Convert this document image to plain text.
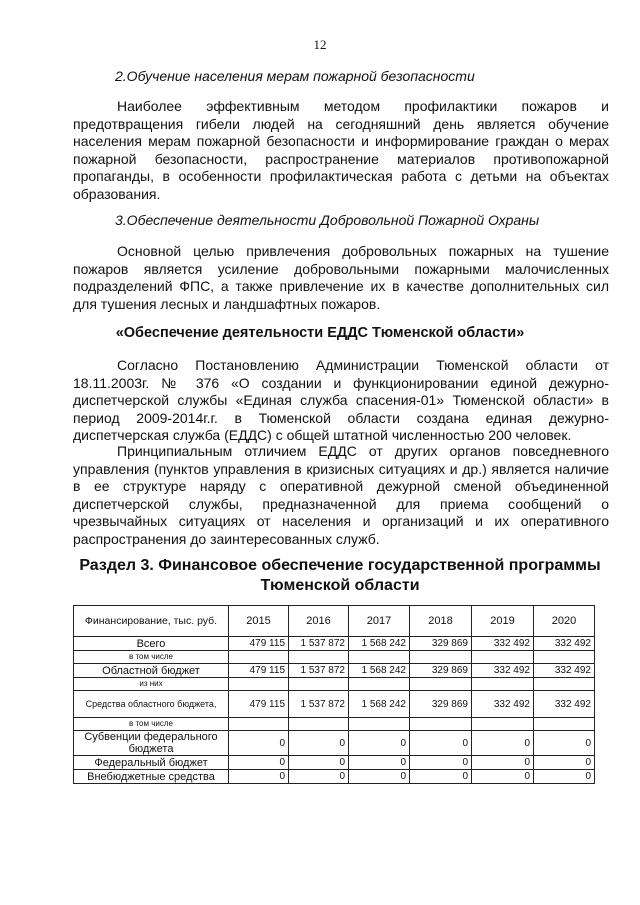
12
2.Обучение населения мерам пожарной безопасности

Наиболее эффективным методом профилактики пожаров и предотвращения гибели людей на сегодняшний день является обучение населения мерам пожарной безопасности и информирование граждан о мерах пожарной безопасности, распространение материалов противопожарной пропаганды, в особенности профилактическая работа с детьми на объектах образования.

3.Обеспечение деятельности Добровольной Пожарной Охраны

Основной целью привлечения добровольных пожарных на тушение пожаров является усиление добровольными пожарными малочисленных подразделений ФПС, а также привлечение их в качестве дополнительных сил для тушения лесных и ландшафтных пожаров.

«Обеспечение деятельности ЕДДС Тюменской области»

Согласно Постановлению Администрации Тюменской области от 18.11.2003г. № 376 «О создании и функционировании единой дежурно-диспетчерской службы «Единая служба спасения-01» Тюменской области» в период 2009-2014г.г. в Тюменской области создана единая дежурно-диспетчерская служба (ЕДДС) с общей штатной численностью 200 человек.

Принципиальным отличием ЕДДС от других органов повседневного управления (пунктов управления в кризисных ситуациях и др.) является наличие в ее структуре наряду с оперативной дежурной сменой объединенной диспетчерской службы, предназначенной для приема сообщений о чрезвычайных ситуациях от населения и организаций и их оперативного распространения до заинтересованных служб.

Раздел 3. Финансовое обеспечение государственной программы Тюменской области
Финансирование, тыс. руб.	2015	2016	2017	2018	2019	2020
Всего	479 115	1 537 872	1 568 242	329 869	332 492	332 492
в том числе						
Областной бюджет	479 115	1 537 872	1 568 242	329 869	332 492	332 492
из них						
Средства областного бюджета,	479 115	1 537 872	1 568 242	329 869	332 492	332 492
в том числе						
Субвенции федерального бюджета	0	0	0	0	0	0
Федеральный бюджет	0	0	0	0	0	0
Внебюджетные средства	0	0	0	0	0	0
